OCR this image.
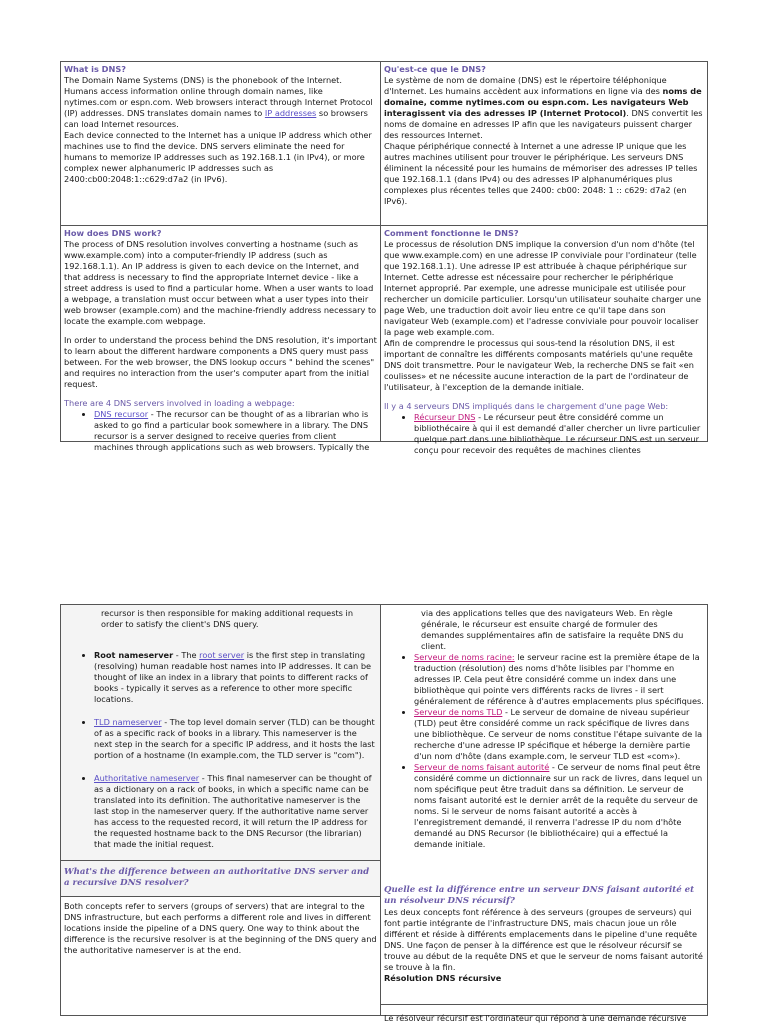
What is DNS?

The Domain Name Systems (DNS) is the phonebook of the Internet. Humans access information online through domain names, like nytimes.com or espn.com. Web browsers interact through Internet Protocol (IP) addresses. DNS translates domain names to IP addresses so browsers can load Internet resources.

Each device connected to the Internet has a unique IP address which other machines use to find the device. DNS servers eliminate the need for humans to memorize IP addresses such as 192.168.1.1 (in IPv4), or more complex newer alphanumeric IP addresses such as 2400:cb00:2048:1::c629:d7a2 (in IPv6).

How does DNS work?

The process of DNS resolution involves converting a hostname (such as www.example.com) into a computer-friendly IP address (such as 192.168.1.1). An IP address is given to each device on the Internet, and that address is necessary to find the appropriate Internet device - like a street address is used to find a particular home. When a user wants to load a webpage, a translation must occur between what a user types into their web browser (example.com) and the machine-friendly address necessary to locate the example.com webpage.

In order to understand the process behind the DNS resolution, it's important to learn about the different hardware components a DNS query must pass between. For the web browser, the DNS lookup occurs " behind the scenes" and requires no interaction from the user's computer apart from the initial request.

There are 4 DNS servers involved in loading a webpage:
• DNS recursor - The recursor can be thought of as a librarian who is asked to go find a particular book somewhere in a library. The DNS recursor is a server designed to receive queries from client machines through applications such as web browsers. Typically the
Qu'est-ce que le DNS?

Le système de nom de domaine (DNS) est le répertoire téléphonique d'Internet. Les humains accèdent aux informations en ligne via des noms de domaine, comme nytimes.com ou espn.com. Les navigateurs Web interagissent via des adresses IP (Internet Protocol). DNS convertit les noms de domaine en adresses IP afin que les navigateurs puissent charger des ressources Internet.

Chaque périphérique connecté à Internet a une adresse IP unique que les autres machines utilisent pour trouver le périphérique. Les serveurs DNS éliminent la nécessité pour les humains de mémoriser des adresses IP telles que 192.168.1.1 (dans IPv4) ou des adresses IP alphanumériques plus complexes plus récentes telles que 2400: cb00: 2048: 1 :: c629: d7a2 (en IPv6).

Comment fonctionne le DNS?

Le processus de résolution DNS implique la conversion d'un nom d'hôte (tel que www.example.com) en une adresse IP conviviale pour l'ordinateur (telle que 192.168.1.1). Une adresse IP est attribuée à chaque périphérique sur Internet. Cette adresse est nécessaire pour rechercher le périphérique Internet approprié. Par exemple, une adresse municipale est utilisée pour rechercher un domicile particulier. Lorsqu'un utilisateur souhaite charger une page Web, une traduction doit avoir lieu entre ce qu'il tape dans son navigateur Web (example.com) et l'adresse conviviale pour pouvoir localiser la page web example.com.

Afin de comprendre le processus qui sous-tend la résolution DNS, il est important de connaître les différents composants matériels qu'une requête DNS doit transmettre. Pour le navigateur Web, la recherche DNS se fait «en coulisses» et ne nécessite aucune interaction de la part de l'ordinateur de l'utilisateur, à l'exception de la demande initiale.

Il y a 4 serveurs DNS impliqués dans le chargement d'une page Web:
• Récurseur DNS - Le récurseur peut être considéré comme un bibliothécaire à qui il est demandé d'aller chercher un livre particulier quelque part dans une bibliothèque. Le récurseur DNS est un serveur conçu pour recevoir des requêtes de machines clientes

recursor is then responsible for making additional requests in order to satisfy the client's DNS query.

• Root nameserver - The root server is the first step in translating (resolving) human readable host names into IP addresses. It can be thought of like an index in a library that points to different racks of books - typically it serves as a reference to other more specific locations.
• TLD nameserver - The top level domain server (TLD) can be thought of as a specific rack of books in a library. This nameserver is the next step in the search for a specific IP address, and it hosts the last portion of a hostname (In example.com, the TLD server is "com").
• Authoritative nameserver - This final nameserver can be thought of as a dictionary on a rack of books, in which a specific name can be translated into its definition. The authoritative nameserver is the last stop in the nameserver query. If the authoritative name server has access to the requested record, it will return the IP address for the requested hostname back to the DNS Recursor (the librarian) that made the initial request.
What's the difference between an authoritative DNS server and a recursive DNS resolver?

Both concepts refer to servers (groups of servers) that are integral to the DNS infrastructure, but each performs a different role and lives in different locations inside the pipeline of a DNS query. One way to think about the difference is the recursive resolver is at the beginning of the DNS query and the authoritative nameserver is at the end.

via des applications telles que des navigateurs Web. En règle générale, le récurseur est ensuite chargé de formuler des demandes supplémentaires afin de satisfaire la requête DNS du client.

• Serveur de noms racine: le serveur racine est la première étape de la traduction (résolution) des noms d'hôte lisibles par l'homme en adresses IP. Cela peut être considéré comme un index dans une bibliothèque qui pointe vers différents racks de livres - il sert généralement de référence à d'autres emplacements plus spécifiques.
• Serveur de noms TLD - Le serveur de domaine de niveau supérieur (TLD) peut être considéré comme un rack spécifique de livres dans une bibliothèque. Ce serveur de noms constitue l'étape suivante de la recherche d'une adresse IP spécifique et héberge la dernière partie d'un nom d'hôte (dans example.com, le serveur TLD est «com»).
• Serveur de noms faisant autorité - Ce serveur de noms final peut être considéré comme un dictionnaire sur un rack de livres, dans lequel un nom spécifique peut être traduit dans sa définition. Le serveur de noms faisant autorité est le dernier arrêt de la requête du serveur de noms. Si le serveur de noms faisant autorité a accès à l'enregistrement demandé, il renverra l'adresse IP du nom d'hôte demandé au DNS Recursor (le bibliothécaire) qui a effectué la demande initiale.
Quelle est la différence entre un serveur DNS faisant autorité et un résolveur DNS récursif?

Les deux concepts font référence à des serveurs (groupes de serveurs) qui font partie intégrante de l'infrastructure DNS, mais chacun joue un rôle différent et réside à différents emplacements dans le pipeline d'une requête DNS. Une façon de penser à la différence est que le résolveur récursif se trouve au début de la requête DNS et que le serveur de noms faisant autorité se trouve à la fin.

Résolution DNS récursive

Le résolveur récursif est l'ordinateur qui répond à une demande récursive
